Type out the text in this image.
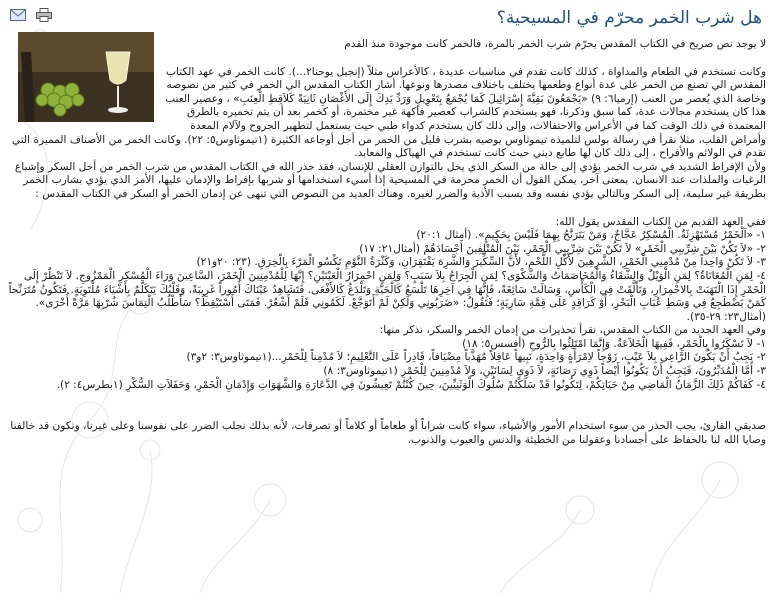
هل شرب الخمر محرّم في المسيحية؟

لا يوجد نص صريح في الكتاب المقدس يحرّم شرب الخمر بالمرة، فالخمر كانت موجودة منذ القدم

وكانت تستخدم في الطعام والمداواة ، كذلك كانت تقدم في مناسبات عديدة ، كالأعراس مثلاً (إنجيل يوحنا٢...). كانت الخمر في عهد الكتاب المقدس الي تصنع من الخمر على عدة أنواع وطعمها يختلف باختلاف مصدرها ونوعها. أشار الكتاب المقدس الي الخمر في كثير من نصوصه وخاصة الذي يُعصر من العنب (إرميا٦: ٩) «يَجْمَعُونَ بَقِيَّةَ إِسْرَائِيلَ كَمَا يُجْمَعُ بِتَعْوِيلٍ وَرَدِّ يَدِكَ إِلَى الأَغْصَانِ ثَانِيَةً كَلاَقِطِ الْعِنَبِ» ، وعصير العنب هذا كان يستخدم مجالات عدة، كما سبق وذكرنا، فهو يستخدم كالشراب كعصير فاكهة غير مختمرة، أو كخمر بعد أن يتم تخميره بالطرق المعتمدة في ذلك الوقت كما في الأعراس والاحتفالات، وإلى ذلك كان يستخدم كدواء طبي حيث يستعمل لتطهير الجروح ولآلام المعدة وأمراض القلب، مثلا نقرأ في رسالة بولس لتلميذه تيموثاوس يوصيه بشرب قليل من الخمر من أجل أوجاعه الكثيرة (١تيموثاوس٥: ٢٢). وكانت الخمر من الأصناف المميزة التي تقدم في الولائم والأفراح ، إلى ذلك كان لها طابع ديني حيث كانت تستخدم في الهياكل والمعابد.

ولأن الإفراط الشديد في شرب الخمر يؤدي إلى حالة من السكر الذي يخل بالتوازن العقلي للإنسان، فقد حذر الله في الكتاب المقدس من شرب الخمر من أجل السكر وإشباع الرغبات والملذات عند الانسان. بمعنى آخر، يمكن القول أن الخمر محرمة في المسيحية إذا أسيء استخدامها أو شربها بإفراط والإدمان عليها، الأمر الذي يؤدي بشارب الخمر بطريقة غير سليمة، إلى السكر وبالتالي يؤدي نفسه وقد يسبب الأذية والضرر لغيره. وهناك العديد من النصوص التي تنهى عن إدمان الخمر أو السكر في الكتاب المقدس :

ففي العهد القديم من الكتاب المقدس يقول الله:

١- «اَلْخَمْرُ مُسْتَهْزِئَةٌ. الْمُسْكِرُ عَجَّاجٌ، وَمَنْ يَتَرَنَّحُ بِهِمَا فَلَيْسَ بِحَكِيمٍ». (أمثال ٢٠:١)

٢- «لاَ تَكُنْ بَيْنَ شِرِّيبِي الْخَمْرِ» لاَ تَكُنْ بَيْنَ شِرِّيبِي الْخَمْرِ، بَيْنَ الْمُتْلِفِينَ أَجْسَادَهُمْ (أمثال٢١: ١٧)

٣- لاَ تَكُنْ وَاحِداً مِنْ مُدْمِنِي الْخَمْرِ، الشَّرِهِينَ لأَكْلِ اللَّحْمِ، لأَنَّ السِّكِّيرَ وَالشَّرِهَ يَفْتَقِرَانِ، وَكَثْرَةُ النَّوْمِ تَكْسُو الْمَرْءَ بِالْخِرَقِ. (٢٣: ٢٠و٢١)

٤- لِمَنِ الْمُعَانَاةُ؟ لِمَنِ الْوَيْلُ وَالشَّقَاءُ وَالْمُخَاصَمَاتُ وَالشَّكْوَى؟ لِمَنِ الْجِرَاحُ بِلاَ سَبَبٍ؟ وَلِمَنِ احْمِرَارُ الْعَيْنَيْنِ؟ إِنَّهَا لِلْمُدْمِنِينَ الْخَمْرَ، السَّاعِينَ وَرَاءَ الْمُسْكِرِ الْمَمْزُوجِ. لاَ تَنْظُرْ إِلَى الْخَمْرِ إِذَا الْتَهَبَتْ بِالاحْمِرَارِ، وَتَأَلَّقَتْ فِي الْكَأْسِ، وَسَالَتْ سَائِغَةً، فَإِنَّهَا فِي آخِرِهَا تَلْسَعُ كَالْحَيَّةِ وَتَلْدَغُ كَالأَفْعَى. فَتَشَاهِدُ عَيْنَاكَ أُمُوراً غَرِيبَةً، وَقَلْبُكَ يَتَكَلَّمُ بِأَشْيَاءَ مُلْتَوِيَةٍ. فَتَكُونُ مُتَرَنِّحاً كَمَنْ يَضْطَجِعُ فِي وَسَطِ عُبَابِ الْبَحْرِ، أَوْ كَرَاقِدٍ عَلَى قِمَّةِ سَارِيَةٍ؛ فَتَقُولُ: «ضَرَبُونِي وَلَكِنْ لَمْ أَتَوَجَّعْ. لَكَمُونِي فَلَمْ أَشْعُرْ. فَمَتَى أَسْتَيْقِظُ؟ سَأَطْلُبُ الْتِمَاسَ شُرْبِهَا مَرَّةً أُخْرَى». (أمثال٢٣: ٢٩-٣٥).

وفي العهد الجديد من الكتاب المقدس، نقرأ تحذيرات من إدمان الخمر والسكر، نذكر منها:

١- لاَ تَسْكَرُوا بِالْخَمْرِ، فَفِيهَا الْخَلاَعَةُ. وَإِنَّمَا امْتَلِئُوا بِالرُّوحِ (أفسس٥: ١٨)

٢- يَجِبُ أَنْ يَكُونَ الرَّاعِي بِلاَ عَيْبٍ، زَوْجاً لاِمْرَأَةٍ وَاحِدَةٍ، نَبِيهاً عَاقِلاً مُهَذَّباً مِضْيَافاً، قَادِراً عَلَى التَّعْلِيمِ؛ لاَ مُدْمِناً لِلْخَمْرِ...(١تيموثاوس٣: ٢و٣)

٣- أَمَّا الْمُدَبِّرُونَ، فَيَجِبُ أَنْ يَكُونُوا أَيْضاً ذَوِي رَصَانَةٍ، لاَ ذَوِي لِسَانَيْنِ، وَلاَ مُدْمِنِينَ لِلْخَمْرِ (١تيموثاوس٣: ٨)

٤- كَفَاكُمْ ذَلِكَ الزَّمَانُ الْمَاضِي مِنْ حَيَاتِكُمْ، لِتَكُونُوا قَدْ سَلَكْتُمْ سُلُوكَ الْوَثَنِيِّينَ، حِينَ كُنْتُمْ تَعِيشُونَ فِي الدَّعَارَةِ وَالشَّهَوَاتِ وَإِدْمَانِ الْخَمْرِ، وَحَفَلاَتِ السُّكْرِ (١بطرس٤: ٢).

صديقي القارئ، يجب الحذر من سوء استخدام الأمور والأشياء، سواء كانت شراباً أو طعاماً أو كلاماً أو تصرفات، لأنه بذلك نجلب الضرر على نفوسنا وعلى غيرنا، ونكون قد خالفنا وصايا الله لنا بالحفاظ على أجسادنا وعقولنا من الخطيئة والدنس والعيوب والذنوب.
